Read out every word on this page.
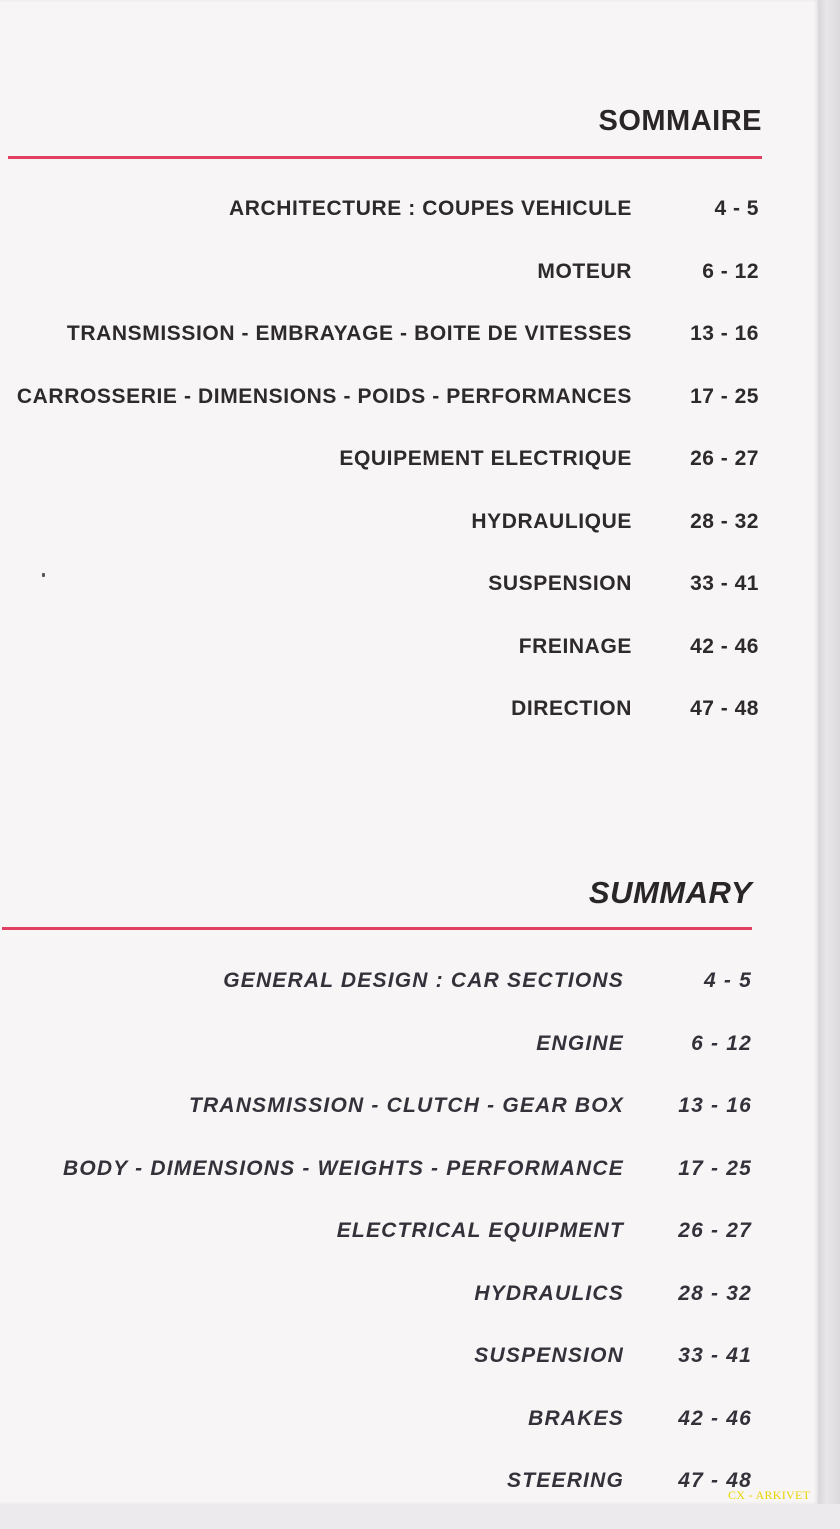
SOMMAIRE
ARCHITECTURE : COUPES VEHICULE	4 - 5
MOTEUR	6 - 12
TRANSMISSION - EMBRAYAGE - BOITE DE VITESSES	13 - 16
CARROSSERIE - DIMENSIONS - POIDS - PERFORMANCES	17 - 25
EQUIPEMENT ELECTRIQUE	26 - 27
HYDRAULIQUE	28 - 32
SUSPENSION	33 - 41
FREINAGE	42 - 46
DIRECTION	47 - 48
SUMMARY
GENERAL DESIGN : CAR SECTIONS	4 - 5
ENGINE	6 - 12
TRANSMISSION - CLUTCH - GEAR BOX	13 - 16
BODY - DIMENSIONS - WEIGHTS - PERFORMANCE	17 - 25
ELECTRICAL EQUIPMENT	26 - 27
HYDRAULICS	28 - 32
SUSPENSION	33 - 41
BRAKES	42 - 46
STEERING	47 - 48
CX - ARKIVET
